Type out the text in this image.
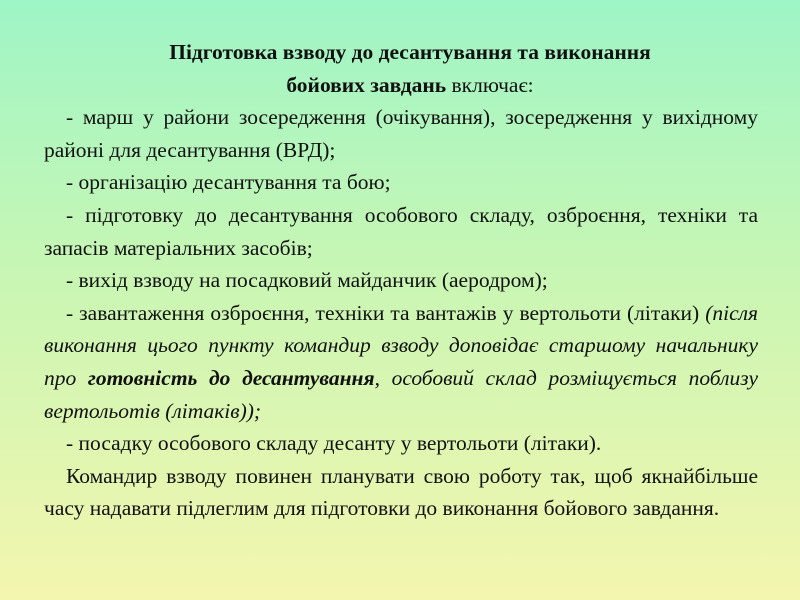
Підготовка взводу до десантування та виконання
бойових завдань включає:

- марш у райони зосередження (очікування), зосередження у вихідному районі для десантування (ВРД);

- організацію десантування та бою;

- підготовку до десантування особового складу, озброєння, техніки та запасів матеріальних засобів;

- вихід взводу на посадковий майданчик (аеродром);

- завантаження озброєння, техніки та вантажів у вертольоти (літаки) (після виконання цього пункту командир взводу доповідає старшому начальнику про готовність до десантування, особовий склад розміщується поблизу вертольотів (літаків));

- посадку особового складу десанту у вертольоти (літаки).

Командир взводу повинен планувати свою роботу так, щоб якнайбільше часу надавати підлеглим для підготовки до виконання бойового завдання.
